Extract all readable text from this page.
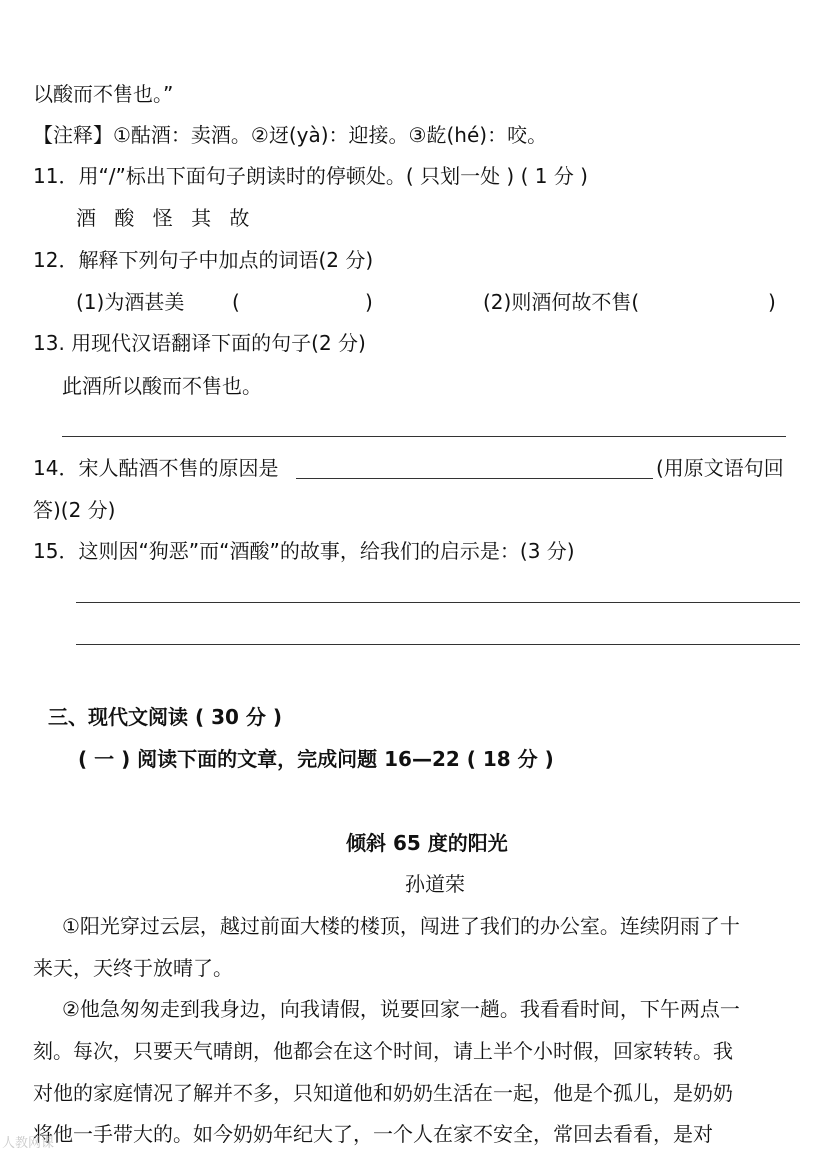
以酸而不售也。”
【注释】①酤酒：卖酒。②迓(yà)：迎接。③龁(hé)：咬。
11．用“/”标出下面句子朗读时的停顿处。( 只划一处 ) ( 1 分 )
酒 酸 怪 其 故
12．解释下列句子中加点的词语(2 分)
(1)为酒甚美 (	)	(2)则酒何故不售(	)
13. 用现代汉语翻译下面的句子(2 分)
此酒所以酸而不售也。
14．宋人酤酒不售的原因是	(用原文语句回
答)(2 分)
15．这则因“狗恶”而“酒酸”的故事，给我们的启示是：(3 分)
三、现代文阅读 ( 30 分 )
( 一 ) 阅读下面的文章，完成问题 16—22 ( 18 分 )
倾斜 65 度的阳光
孙道荣
①阳光穿过云层，越过前面大楼的楼顶，闯进了我们的办公室。连续阴雨了十
来天，天终于放晴了。
②他急匆匆走到我身边，向我请假，说要回家一趟。我看看时间，下午两点一
刻。每次，只要天气晴朗，他都会在这个时间，请上半个小时假，回家转转。我
对他的家庭情况了解并不多，只知道他和奶奶生活在一起，他是个孤儿，是奶奶
将他一手带大的。如今奶奶年纪大了，一个人在家不安全，常回去看看，是对
人教网课
